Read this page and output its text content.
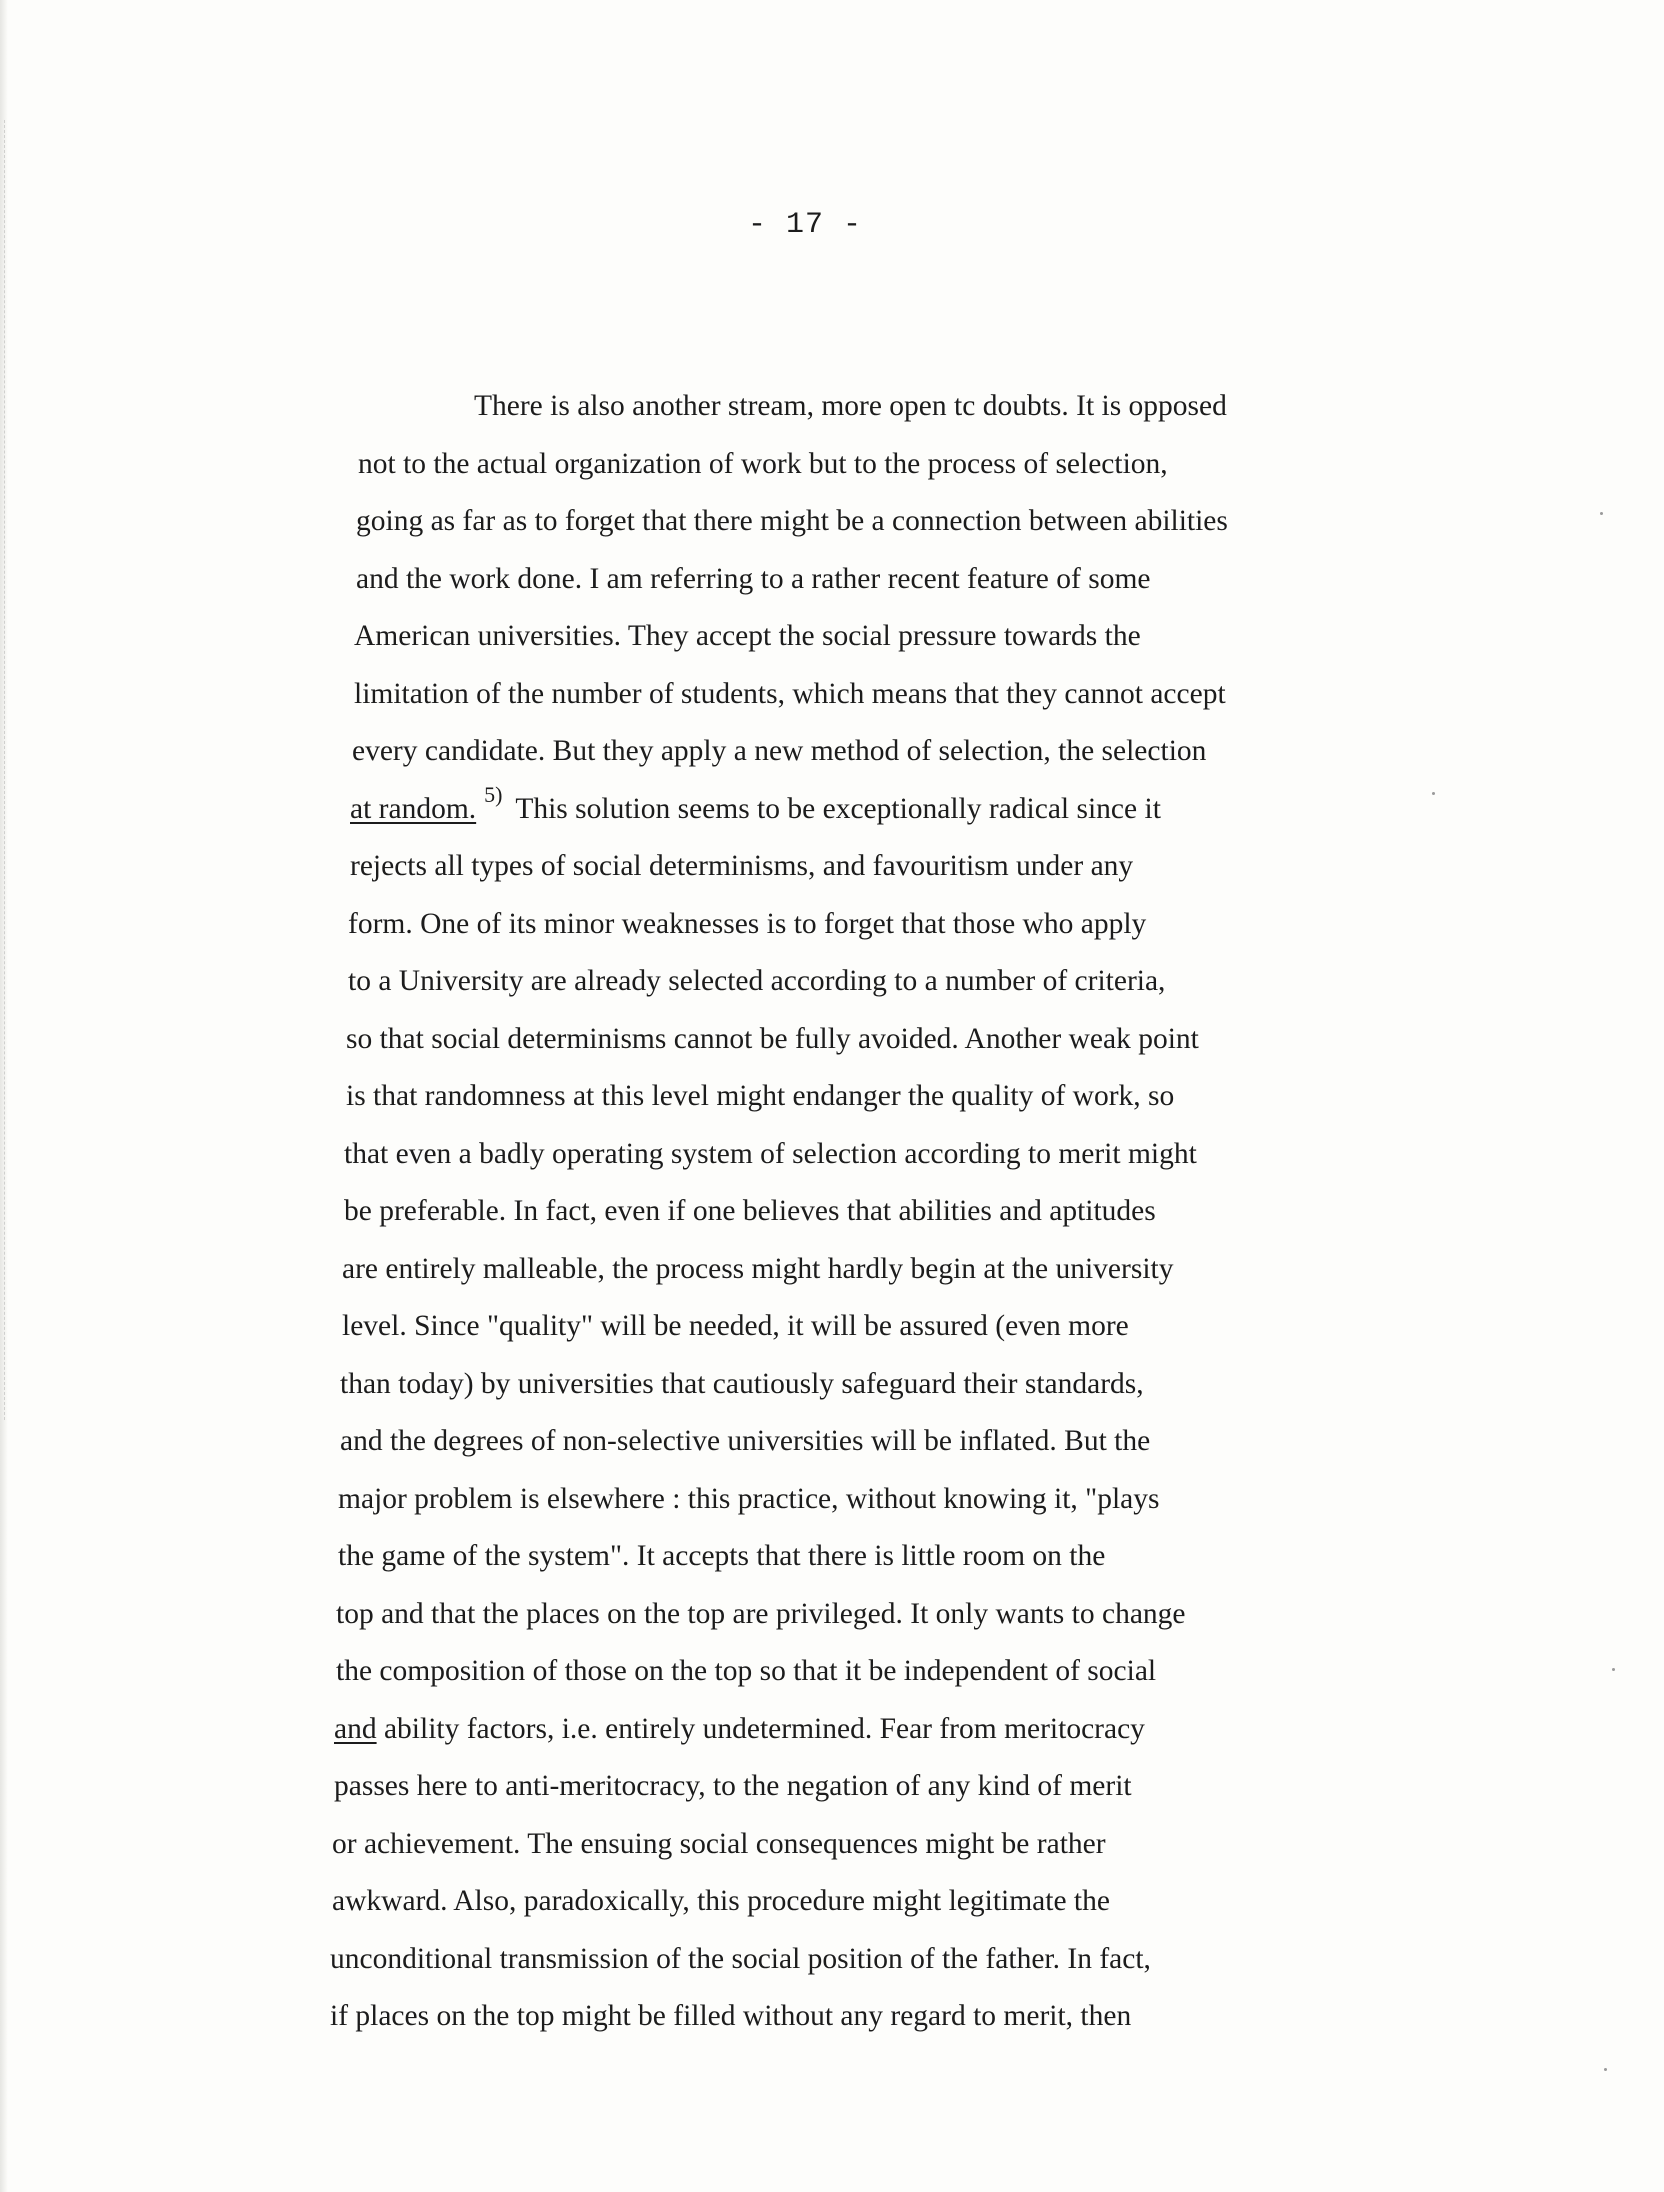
- 17 -
There is also another stream, more open tc doubts. It is opposed
not to the actual organization of work but to the process of selection,
going as far as to forget that there might be a connection between abilities
and the work done. I am referring to a rather recent feature of some
American universities. They accept the social pressure towards the
limitation of the number of students, which means that they cannot accept
every candidate. But they apply a new method of selection, the selection
at random. $^{5)}$ This solution seems to be exceptionally radical since it
rejects all types of social determinisms, and favouritism under any
form. One of its minor weaknesses is to forget that those who apply
to a University are already selected according to a number of criteria,
so that social determinisms cannot be fully avoided. Another weak point
is that randomness at this level might endanger the quality of work, so
that even a badly operating system of selection according to merit might
be preferable. In fact, even if one believes that abilities and aptitudes
are entirely malleable, the process might hardly begin at the university
level. Since "quality" will be needed, it will be assured (even more
than today) by universities that cautiously safeguard their standards,
and the degrees of non-selective universities will be inflated. But the
major problem is elsewhere : this practice, without knowing it, "plays
the game of the system". It accepts that there is little room on the
top and that the places on the top are privileged. It only wants to change
the composition of those on the top so that it be independent of social
and ability factors, i.e. entirely undetermined. Fear from meritocracy
passes here to anti-meritocracy, to the negation of any kind of merit
or achievement. The ensuing social consequences might be rather
awkward. Also, paradoxically, this procedure might legitimate the
unconditional transmission of the social position of the father. In fact,
if places on the top might be filled without any regard to merit, then
